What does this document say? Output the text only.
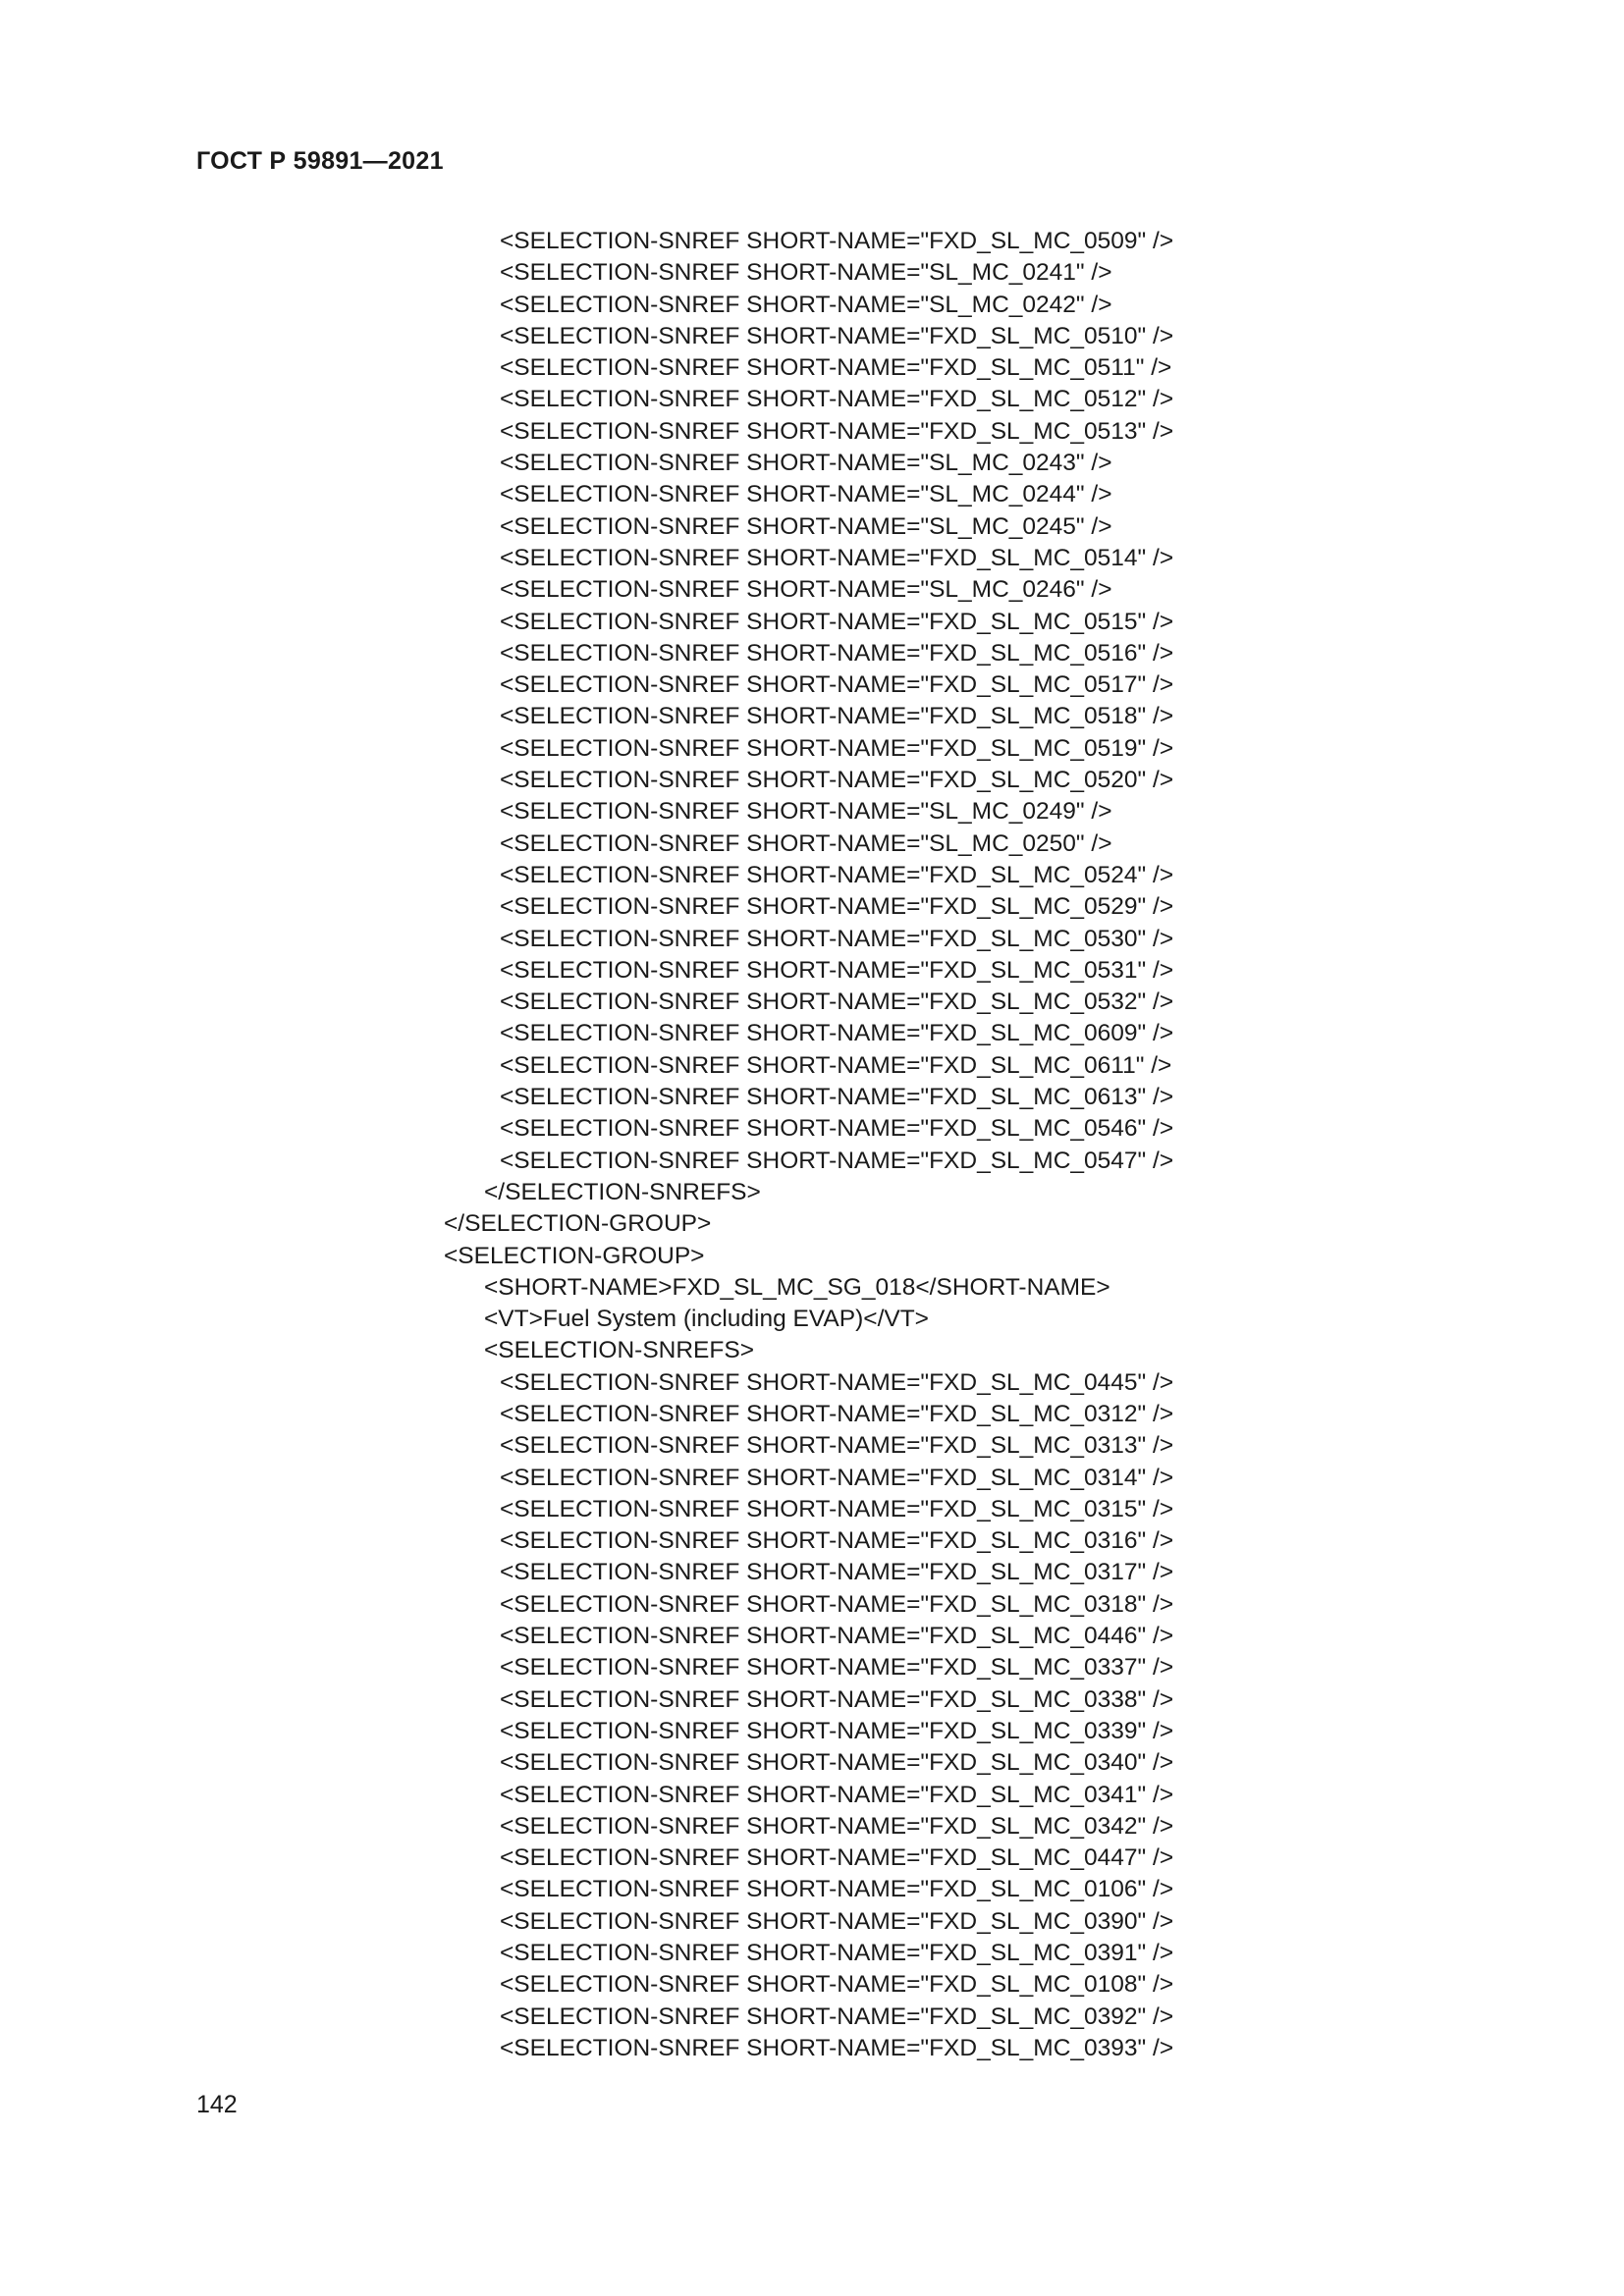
ГОСТ Р 59891—2021
<SELECTION-SNREF SHORT-NAME="FXD_SL_MC_0509" />
<SELECTION-SNREF SHORT-NAME="SL_MC_0241" />
<SELECTION-SNREF SHORT-NAME="SL_MC_0242" />
<SELECTION-SNREF SHORT-NAME="FXD_SL_MC_0510" />
<SELECTION-SNREF SHORT-NAME="FXD_SL_MC_0511" />
<SELECTION-SNREF SHORT-NAME="FXD_SL_MC_0512" />
<SELECTION-SNREF SHORT-NAME="FXD_SL_MC_0513" />
<SELECTION-SNREF SHORT-NAME="SL_MC_0243" />
<SELECTION-SNREF SHORT-NAME="SL_MC_0244" />
<SELECTION-SNREF SHORT-NAME="SL_MC_0245" />
<SELECTION-SNREF SHORT-NAME="FXD_SL_MC_0514" />
<SELECTION-SNREF SHORT-NAME="SL_MC_0246" />
<SELECTION-SNREF SHORT-NAME="FXD_SL_MC_0515" />
<SELECTION-SNREF SHORT-NAME="FXD_SL_MC_0516" />
<SELECTION-SNREF SHORT-NAME="FXD_SL_MC_0517" />
<SELECTION-SNREF SHORT-NAME="FXD_SL_MC_0518" />
<SELECTION-SNREF SHORT-NAME="FXD_SL_MC_0519" />
<SELECTION-SNREF SHORT-NAME="FXD_SL_MC_0520" />
<SELECTION-SNREF SHORT-NAME="SL_MC_0249" />
<SELECTION-SNREF SHORT-NAME="SL_MC_0250" />
<SELECTION-SNREF SHORT-NAME="FXD_SL_MC_0524" />
<SELECTION-SNREF SHORT-NAME="FXD_SL_MC_0529" />
<SELECTION-SNREF SHORT-NAME="FXD_SL_MC_0530" />
<SELECTION-SNREF SHORT-NAME="FXD_SL_MC_0531" />
<SELECTION-SNREF SHORT-NAME="FXD_SL_MC_0532" />
<SELECTION-SNREF SHORT-NAME="FXD_SL_MC_0609" />
<SELECTION-SNREF SHORT-NAME="FXD_SL_MC_0611" />
<SELECTION-SNREF SHORT-NAME="FXD_SL_MC_0613" />
<SELECTION-SNREF SHORT-NAME="FXD_SL_MC_0546" />
<SELECTION-SNREF SHORT-NAME="FXD_SL_MC_0547" />
</SELECTION-SNREFS>
</SELECTION-GROUP>
<SELECTION-GROUP>
<SHORT-NAME>FXD_SL_MC_SG_018</SHORT-NAME>
<VT>Fuel System (including EVAP)</VT>
<SELECTION-SNREFS>
<SELECTION-SNREF SHORT-NAME="FXD_SL_MC_0445" />
<SELECTION-SNREF SHORT-NAME="FXD_SL_MC_0312" />
<SELECTION-SNREF SHORT-NAME="FXD_SL_MC_0313" />
<SELECTION-SNREF SHORT-NAME="FXD_SL_MC_0314" />
<SELECTION-SNREF SHORT-NAME="FXD_SL_MC_0315" />
<SELECTION-SNREF SHORT-NAME="FXD_SL_MC_0316" />
<SELECTION-SNREF SHORT-NAME="FXD_SL_MC_0317" />
<SELECTION-SNREF SHORT-NAME="FXD_SL_MC_0318" />
<SELECTION-SNREF SHORT-NAME="FXD_SL_MC_0446" />
<SELECTION-SNREF SHORT-NAME="FXD_SL_MC_0337" />
<SELECTION-SNREF SHORT-NAME="FXD_SL_MC_0338" />
<SELECTION-SNREF SHORT-NAME="FXD_SL_MC_0339" />
<SELECTION-SNREF SHORT-NAME="FXD_SL_MC_0340" />
<SELECTION-SNREF SHORT-NAME="FXD_SL_MC_0341" />
<SELECTION-SNREF SHORT-NAME="FXD_SL_MC_0342" />
<SELECTION-SNREF SHORT-NAME="FXD_SL_MC_0447" />
<SELECTION-SNREF SHORT-NAME="FXD_SL_MC_0106" />
<SELECTION-SNREF SHORT-NAME="FXD_SL_MC_0390" />
<SELECTION-SNREF SHORT-NAME="FXD_SL_MC_0391" />
<SELECTION-SNREF SHORT-NAME="FXD_SL_MC_0108" />
<SELECTION-SNREF SHORT-NAME="FXD_SL_MC_0392" />
<SELECTION-SNREF SHORT-NAME="FXD_SL_MC_0393" />
142
